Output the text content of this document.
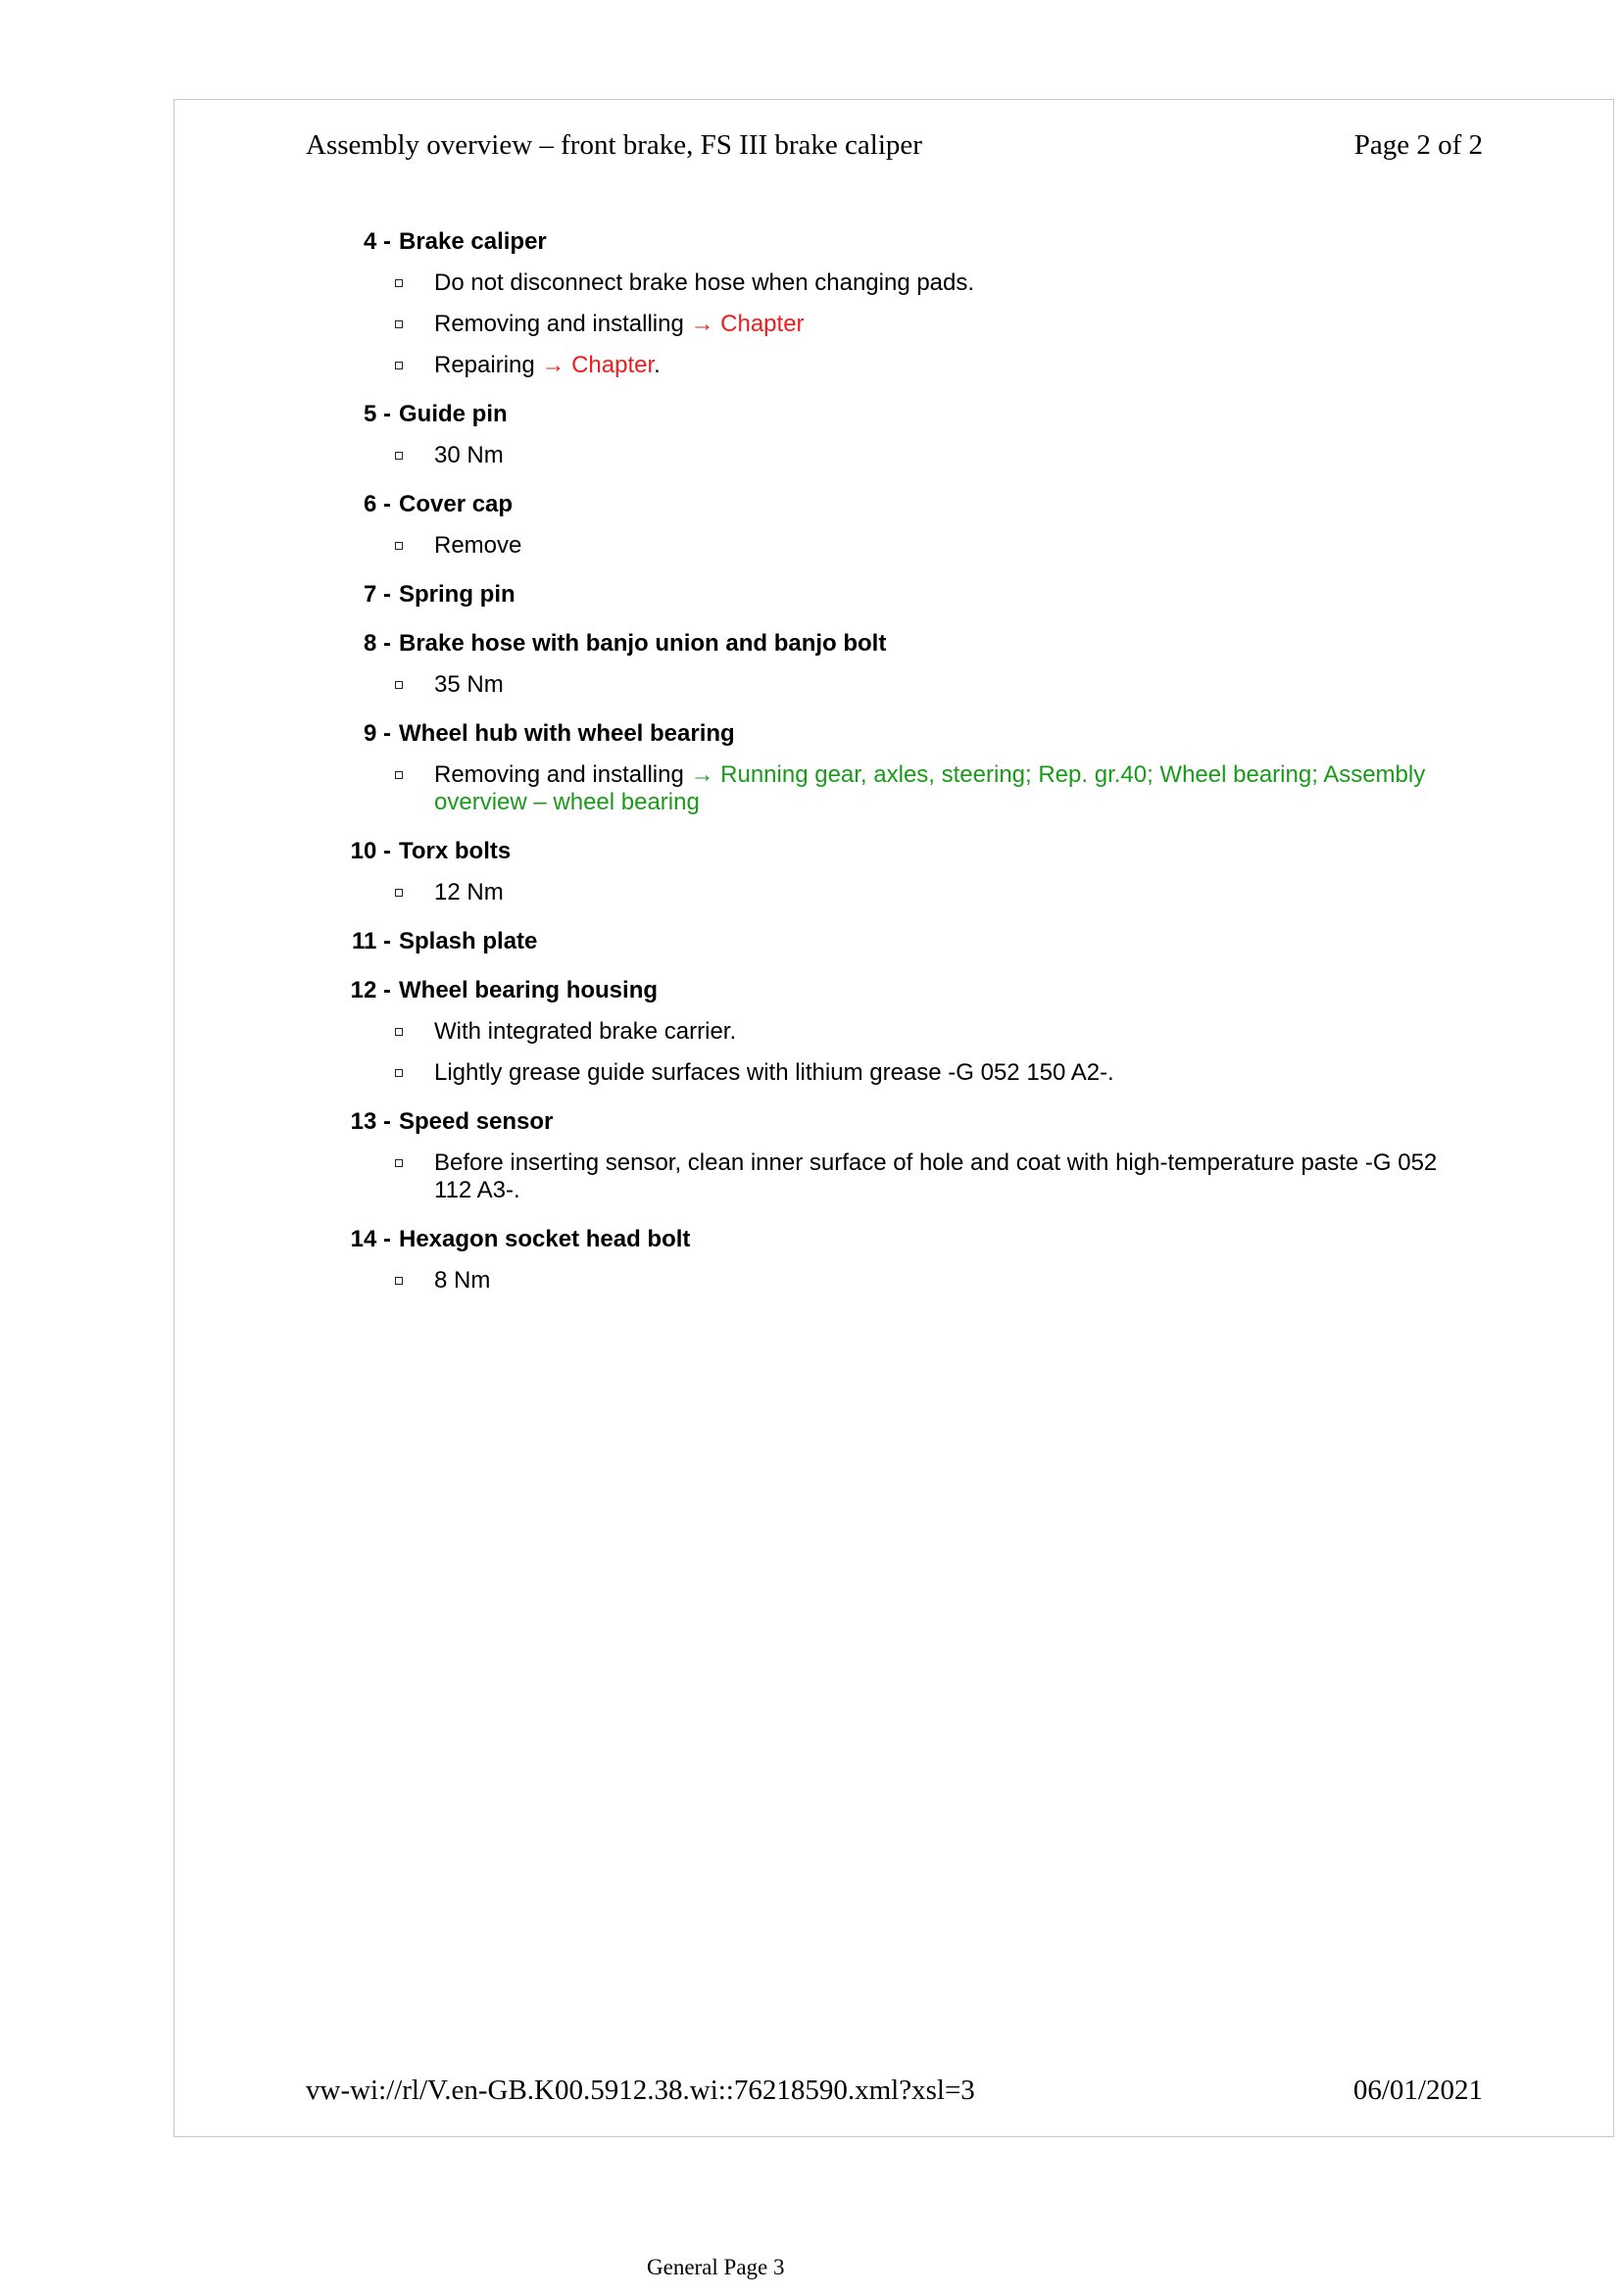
Assembly overview – front brake, FS III brake caliper	Page 2 of 2
4 - Brake caliper
Do not disconnect brake hose when changing pads.
Removing and installing → Chapter
Repairing → Chapter.
5 - Guide pin
30 Nm
6 - Cover cap
Remove
7 - Spring pin
8 - Brake hose with banjo union and banjo bolt
35 Nm
9 - Wheel hub with wheel bearing
Removing and installing → Running gear, axles, steering; Rep. gr.40; Wheel bearing; Assembly overview – wheel bearing
10 - Torx bolts
12 Nm
11 - Splash plate
12 - Wheel bearing housing
With integrated brake carrier.
Lightly grease guide surfaces with lithium grease -G 052 150 A2-.
13 - Speed sensor
Before inserting sensor, clean inner surface of hole and coat with high-temperature paste -G 052 112 A3-.
14 - Hexagon socket head bolt
8 Nm
vw-wi://rl/V.en-GB.K00.5912.38.wi::76218590.xml?xsl=3	06/01/2021
General Page 3
